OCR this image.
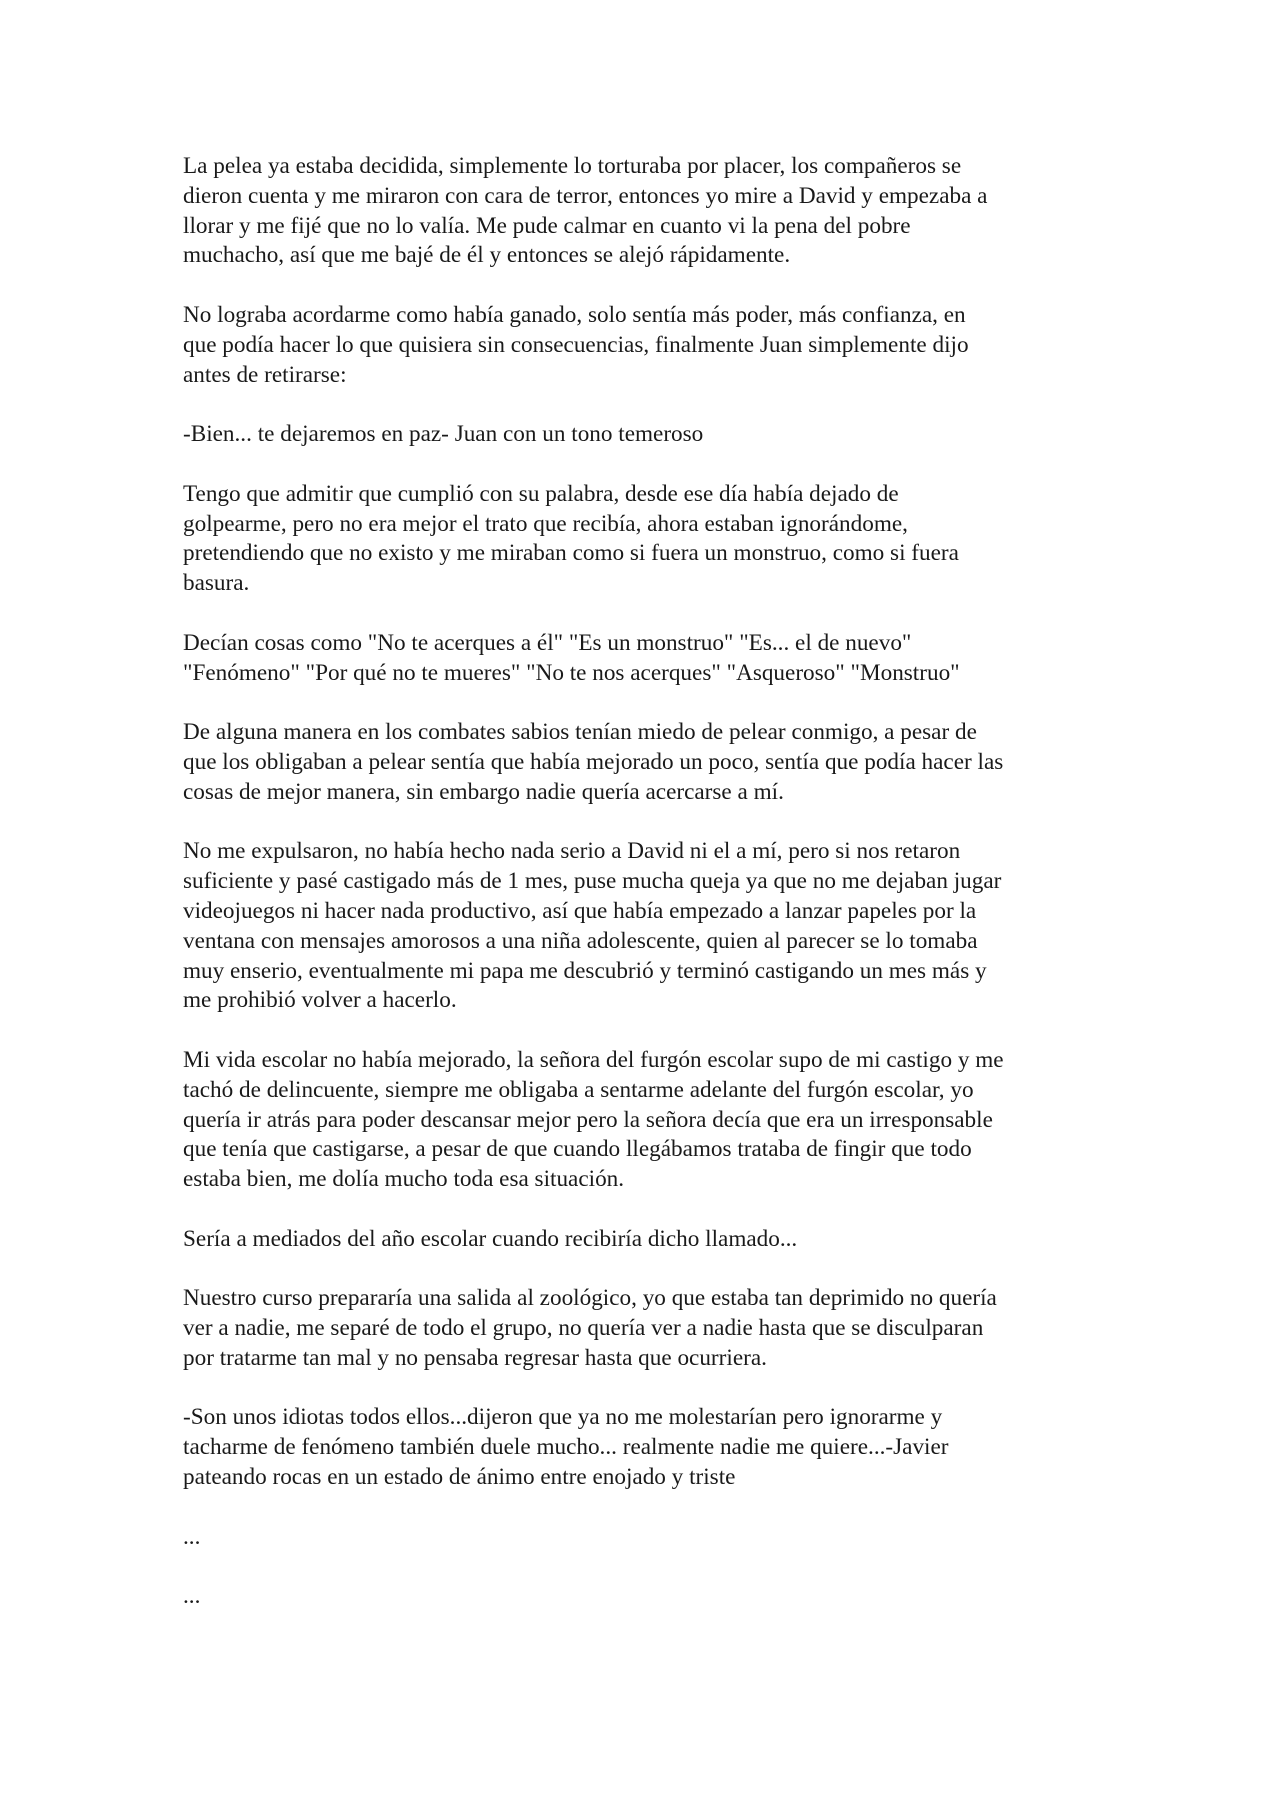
La pelea ya estaba decidida, simplemente lo torturaba por placer, los compañeros se
dieron cuenta y me miraron con cara de terror, entonces yo mire a David y empezaba a
llorar y me fijé que no lo valía. Me pude calmar en cuanto vi la pena del pobre
muchacho, así que me bajé de él y entonces se alejó rápidamente.

No lograba acordarme como había ganado, solo sentía más poder, más confianza, en
que podía hacer lo que quisiera sin consecuencias, finalmente Juan simplemente dijo
antes de retirarse:

-Bien... te dejaremos en paz- Juan con un tono temeroso

Tengo que admitir que cumplió con su palabra, desde ese día había dejado de
golpearme, pero no era mejor el trato que recibía, ahora estaban ignorándome,
pretendiendo que no existo y me miraban como si fuera un monstruo, como si fuera
basura.

Decían cosas como "No te acerques a él" "Es un monstruo" "Es... el de nuevo"
"Fenómeno" "Por qué no te mueres" "No te nos acerques" "Asqueroso" "Monstruo"

De alguna manera en los combates sabios tenían miedo de pelear conmigo, a pesar de
que los obligaban a pelear sentía que había mejorado un poco, sentía que podía hacer las
cosas de mejor manera, sin embargo nadie quería acercarse a mí.

No me expulsaron, no había hecho nada serio a David ni el a mí, pero si nos retaron
suficiente y pasé castigado más de 1 mes, puse mucha queja ya que no me dejaban jugar
videojuegos ni hacer nada productivo, así que había empezado a lanzar papeles por la
ventana con mensajes amorosos a una niña adolescente, quien al parecer se lo tomaba
muy enserio, eventualmente mi papa me descubrió y terminó castigando un mes más y
me prohibió volver a hacerlo.

Mi vida escolar no había mejorado, la señora del furgón escolar supo de mi castigo y me
tachó de delincuente, siempre me obligaba a sentarme adelante del furgón escolar, yo
quería ir atrás para poder descansar mejor pero la señora decía que era un irresponsable
que tenía que castigarse, a pesar de que cuando llegábamos trataba de fingir que todo
estaba bien, me dolía mucho toda esa situación.

Sería a mediados del año escolar cuando recibiría dicho llamado...

Nuestro curso prepararía una salida al zoológico, yo que estaba tan deprimido no quería
ver a nadie, me separé de todo el grupo, no quería ver a nadie hasta que se disculparan
por tratarme tan mal y no pensaba regresar hasta que ocurriera.

-Son unos idiotas todos ellos...dijeron que ya no me molestarían pero ignorarme y
tacharme de fenómeno también duele mucho... realmente nadie me quiere...-Javier
pateando rocas en un estado de ánimo entre enojado y triste

...

...
